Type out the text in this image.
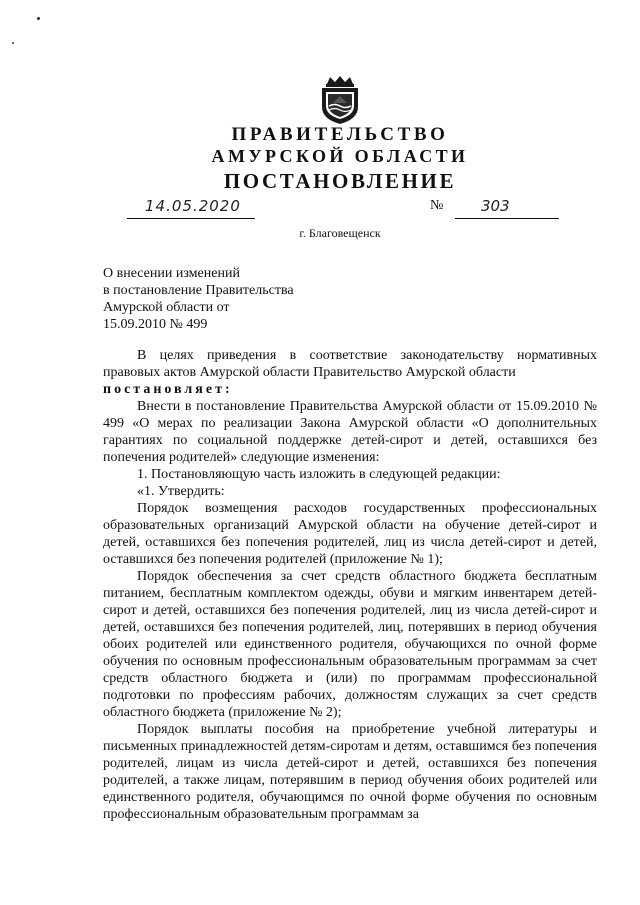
ПРАВИТЕЛЬСТВО
АМУРСКОЙ ОБЛАСТИ
ПОСТАНОВЛЕНИЕ
14.05.2020	№	303
г. Благовещенск
О внесении изменений
в постановление Правительства
Амурской области от
15.09.2010 № 499

В целях приведения в соответствие законодательству нормативных правовых актов Амурской области Правительство Амурской области

постановляет:

Внести в постановление Правительства Амурской области от 15.09.2010 № 499 «О мерах по реализации Закона Амурской области «О дополнительных гарантиях по социальной поддержке детей-сирот и детей, оставшихся без попечения родителей» следующие изменения:

1. Постановляющую часть изложить в следующей редакции:

«1. Утвердить:

Порядок возмещения расходов государственных профессиональных образовательных организаций Амурской области на обучение детей-сирот и детей, оставшихся без попечения родителей, лиц из числа детей-сирот и детей, оставшихся без попечения родителей (приложение № 1);

Порядок обеспечения за счет средств областного бюджета бесплатным питанием, бесплатным комплектом одежды, обуви и мягким инвентарем детей-сирот и детей, оставшихся без попечения родителей, лиц из числа детей-сирот и детей, оставшихся без попечения родителей, лиц, потерявших в период обучения обоих родителей или единственного родителя, обучающихся по очной форме обучения по основным профессиональным образовательным программам за счет средств областного бюджета и (или) по программам профессиональной подготовки по профессиям рабочих, должностям служащих за счет средств областного бюджета (приложение № 2);

Порядок выплаты пособия на приобретение учебной литературы и письменных принадлежностей детям-сиротам и детям, оставшимся без попечения родителей, лицам из числа детей-сирот и детей, оставшихся без попечения родителей, а также лицам, потерявшим в период обучения обоих родителей или единственного родителя, обучающимся по очной форме обучения по основным профессиональным образовательным программам за
